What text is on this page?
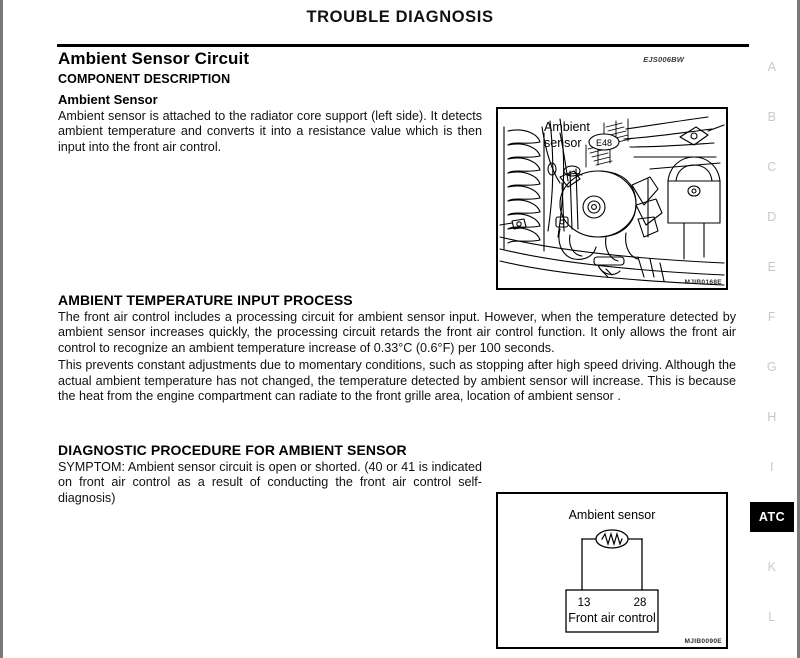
TROUBLE DIAGNOSIS
Ambient Sensor Circuit	EJS006BW
COMPONENT DESCRIPTION
Ambient Sensor

Ambient sensor is attached to the radiator core support (left side). It detects ambient temperature and converts it into a resistance value which is then input into the front air control.

Ambient
sensor E48
MJIB0168E
AMBIENT TEMPERATURE INPUT PROCESS

The front air control includes a processing circuit for ambient sensor input. However, when the temperature detected by ambient sensor increases quickly, the processing circuit retards the front air control function. It only allows the front air control to recognize an ambient temperature increase of 0.33°C (0.6°F) per 100 seconds.

This prevents constant adjustments due to momentary conditions, such as stopping after high speed driving. Although the actual ambient temperature has not changed, the temperature detected by ambient sensor will increase. This is because the heat from the engine compartment can radiate to the front grille area, location of ambient sensor .

DIAGNOSTIC PROCEDURE FOR AMBIENT SENSOR

SYMPTOM: Ambient sensor circuit is open or shorted. (40 or 41 is indicated on front air control as a result of conducting the front air control self-diagnosis)

Ambient sensor
13	28
Front air control
MJIB0090E
A
B
C
D
E
F
G
H
I
ATC
K
L
